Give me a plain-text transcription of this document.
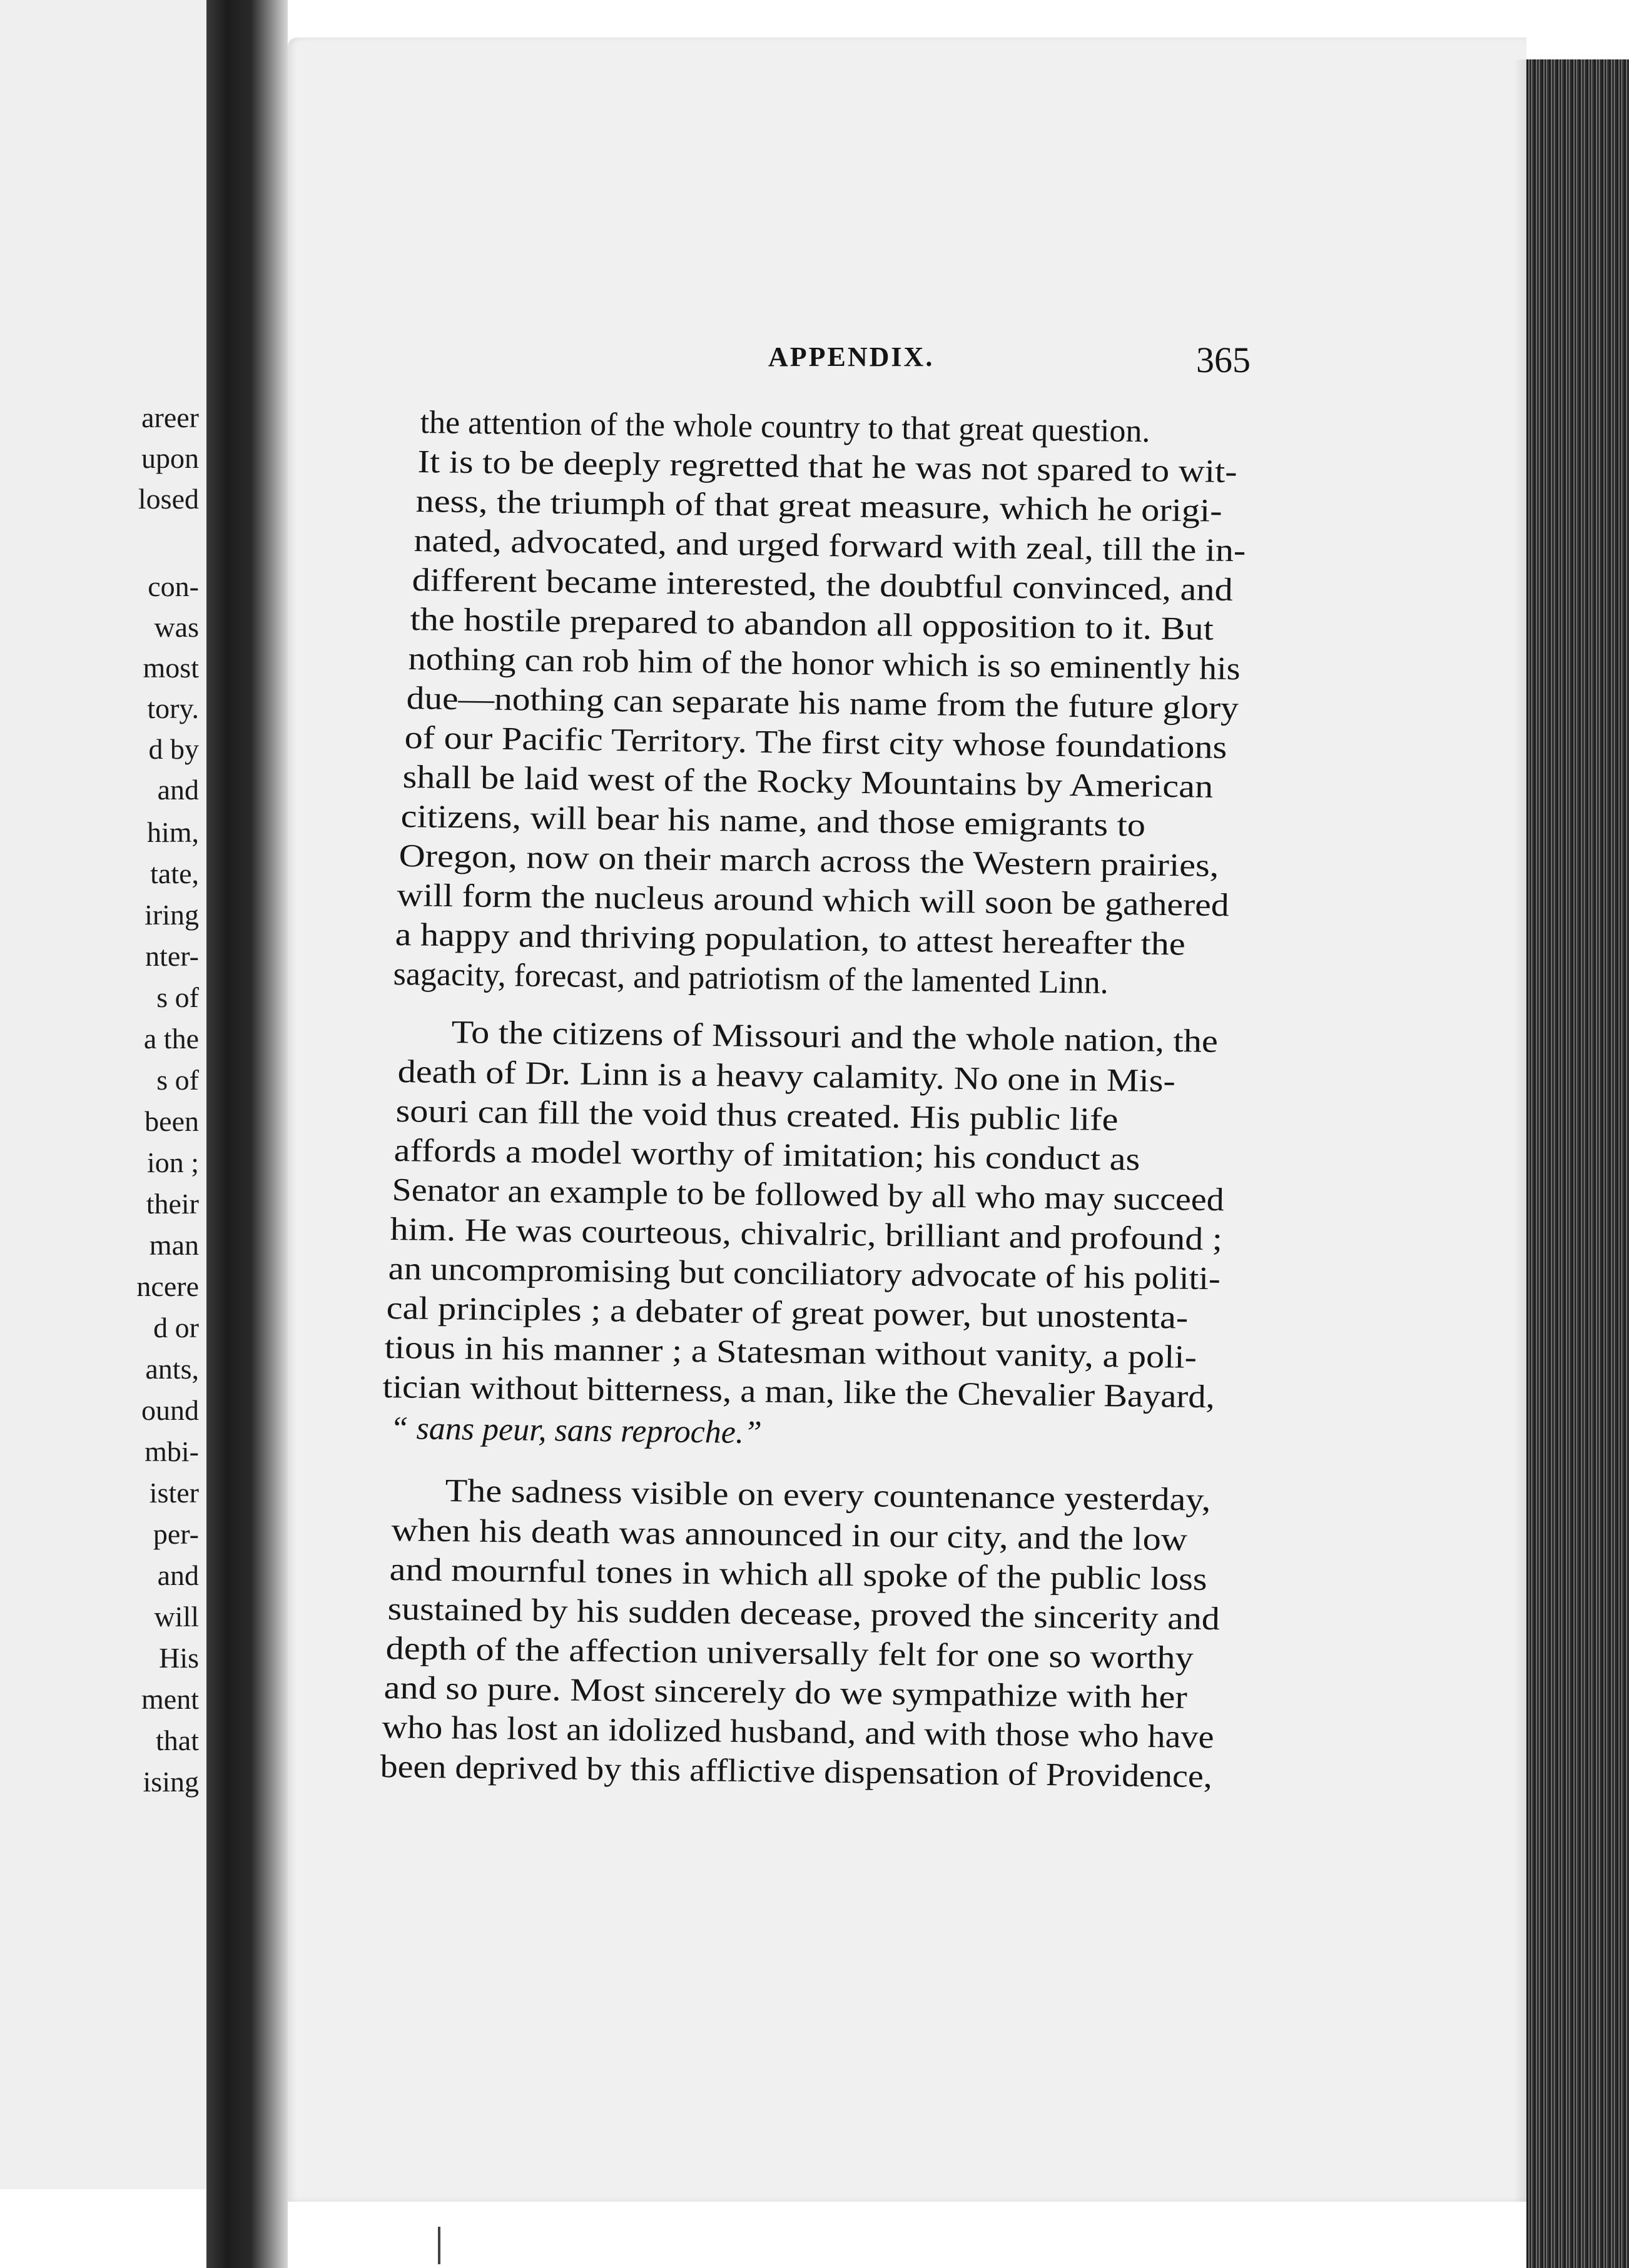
areer
upon
losed
con-
was
most
tory.
d by
and
him,
tate,
iring
nter-
s of
a the
s of
been
ion ;
their
man
ncere
d or
ants,
ound
mbi-
ister
per-
and
will
His
ment
that
ising
APPENDIX.	365
the attention of the whole country to that great question.
It is to be deeply regretted that he was not spared to wit-
ness, the triumph of that great measure, which he origi-
nated, advocated, and urged forward with zeal, till the in-
different became interested, the doubtful convinced, and
the hostile prepared to abandon all opposition to it. But
nothing can rob him of the honor which is so eminently his
due—nothing can separate his name from the future glory
of our Pacific Territory. The first city whose foundations
shall be laid west of the Rocky Mountains by American
citizens, will bear his name, and those emigrants to
Oregon, now on their march across the Western prairies,
will form the nucleus around which will soon be gathered
a happy and thriving population, to attest hereafter the
sagacity, forecast, and patriotism of the lamented Linn.
To the citizens of Missouri and the whole nation, the
death of Dr. Linn is a heavy calamity. No one in Mis-
souri can fill the void thus created. His public life
affords a model worthy of imitation; his conduct as
Senator an example to be followed by all who may succeed
him. He was courteous, chivalric, brilliant and profound ;
an uncompromising but conciliatory advocate of his politi-
cal principles ; a debater of great power, but unostenta-
tious in his manner ; a Statesman without vanity, a poli-
tician without bitterness, a man, like the Chevalier Bayard,
“ sans peur, sans reproche.”
The sadness visible on every countenance yesterday,
when his death was announced in our city, and the low
and mournful tones in which all spoke of the public loss
sustained by his sudden decease, proved the sincerity and
depth of the affection universally felt for one so worthy
and so pure. Most sincerely do we sympathize with her
who has lost an idolized husband, and with those who have
been deprived by this afflictive dispensation of Providence,
